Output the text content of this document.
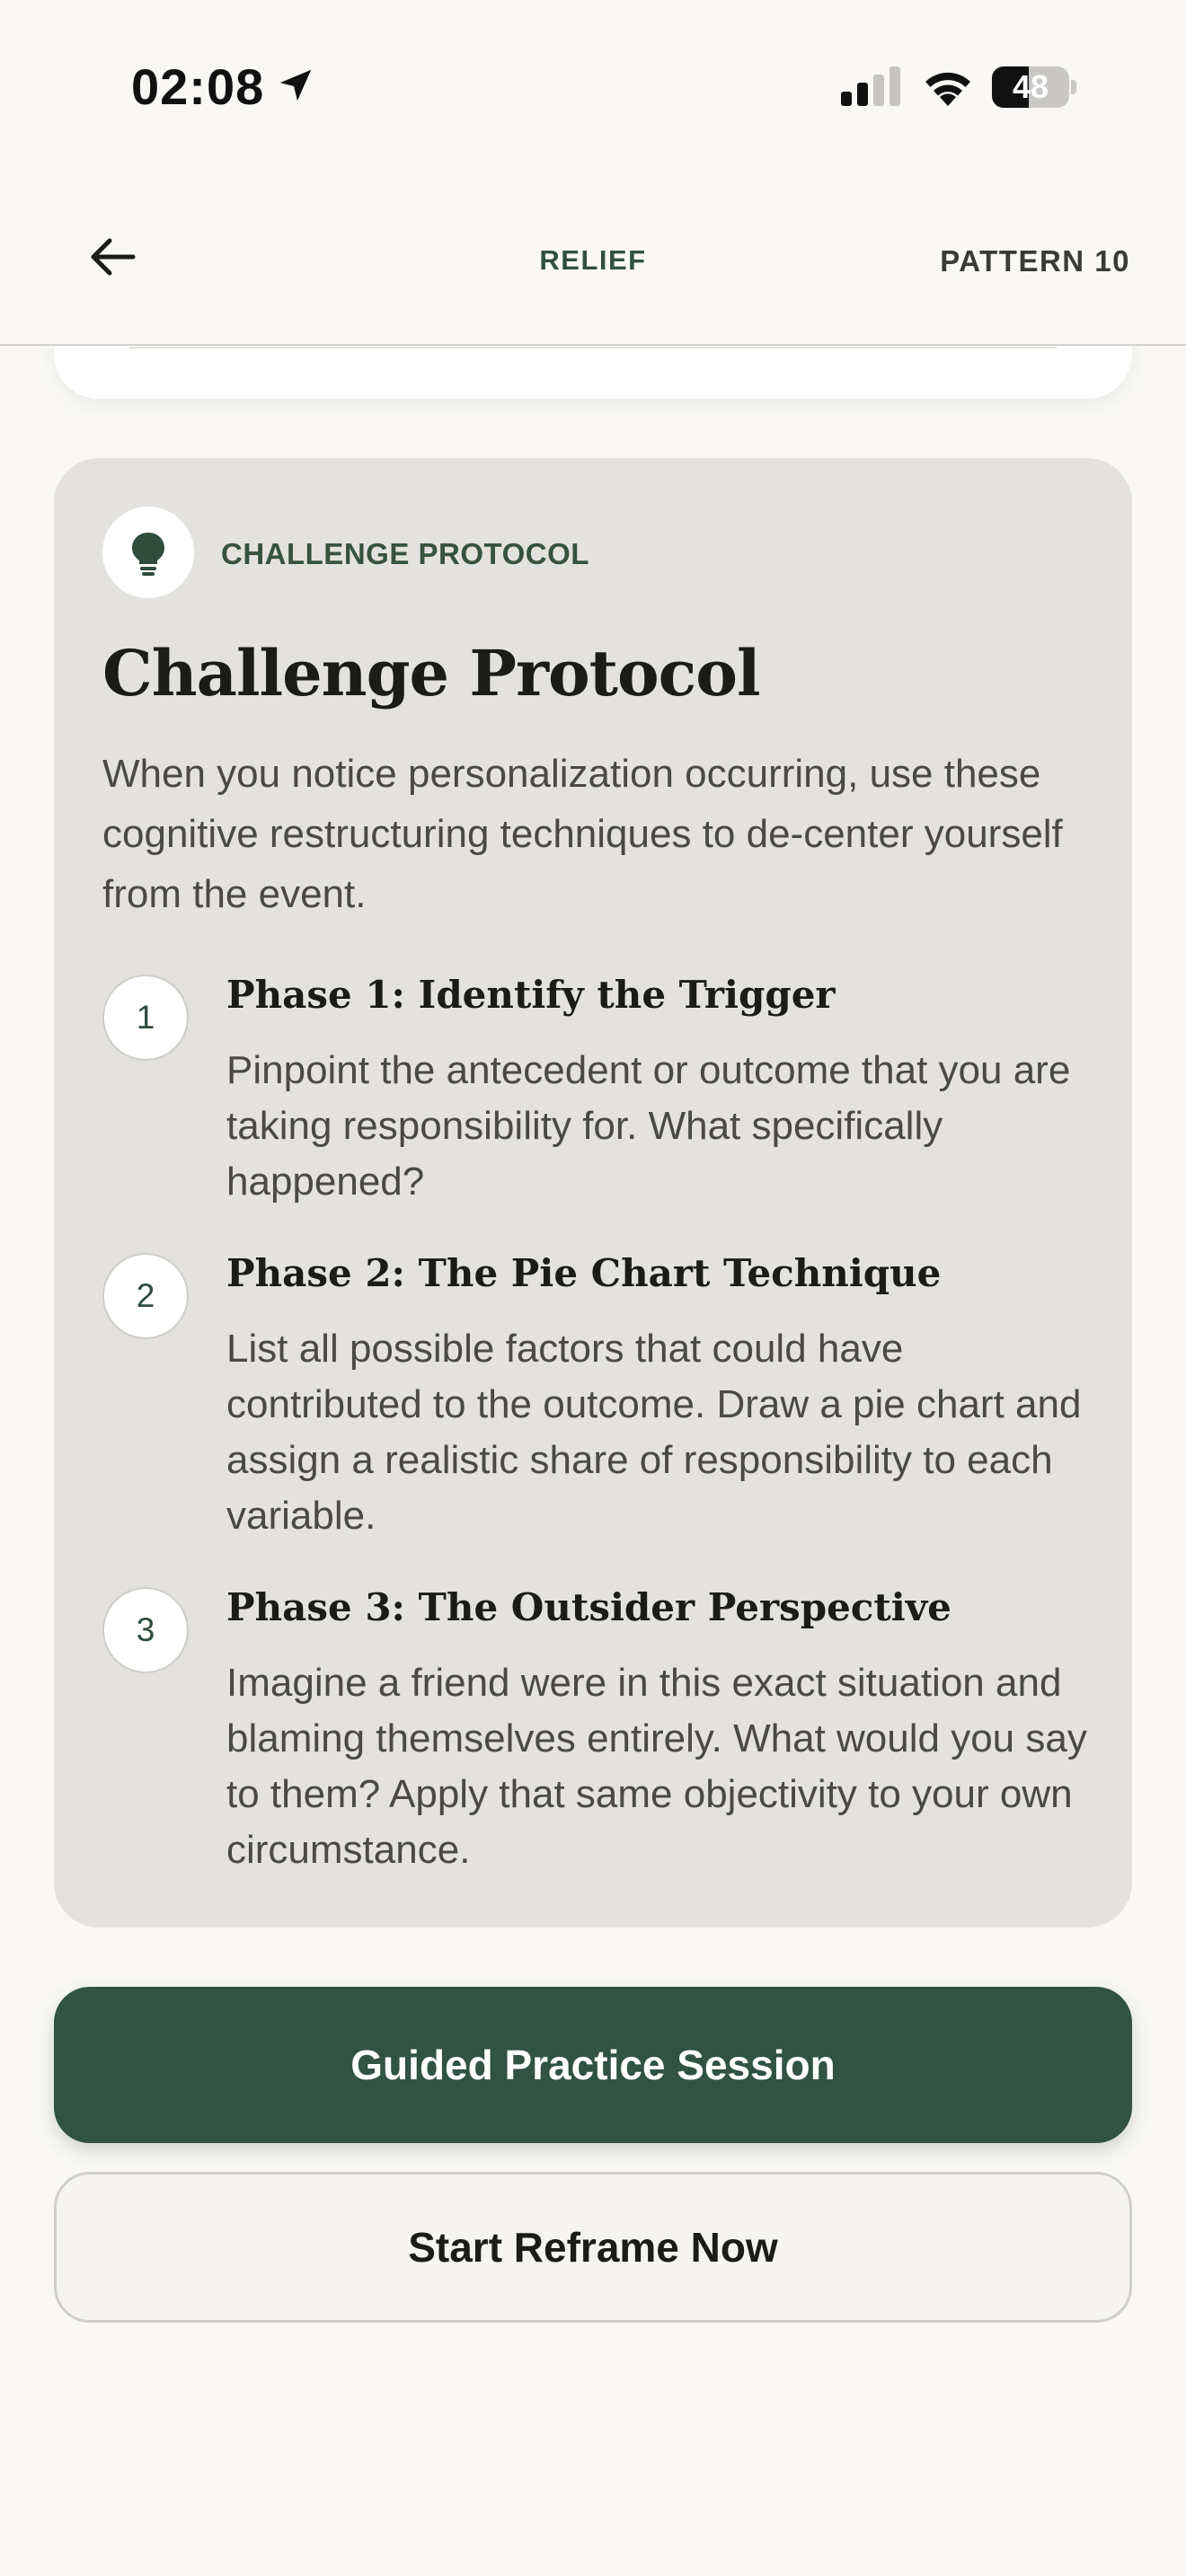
02:08	48
RELIEF	PATTERN 10
CHALLENGE PROTOCOL
Challenge Protocol

When you notice personalization occurring, use these cognitive restructuring techniques to de-center yourself from the event.

1
Phase 1: Identify the Trigger
Pinpoint the antecedent or outcome that you are taking responsibility for. What specifically happened?
2
Phase 2: The Pie Chart Technique
List all possible factors that could have contributed to the outcome. Draw a pie chart and assign a realistic share of responsibility to each variable.
3
Phase 3: The Outsider Perspective
Imagine a friend were in this exact situation and blaming themselves entirely. What would you say to them? Apply that same objectivity to your own circumstance.
Guided Practice Session
Start Reframe Now
